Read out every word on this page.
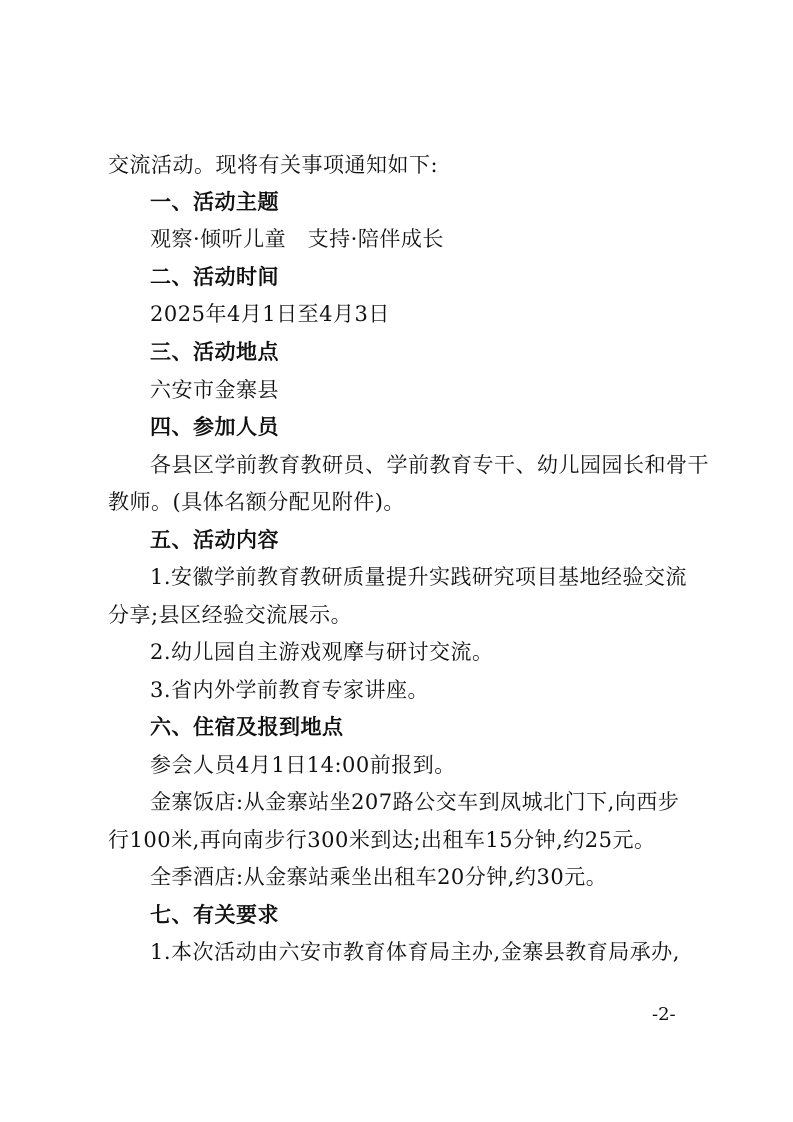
交流活动。现将有关事项通知如下:
一、活动主题
观察·倾听儿童　支持·陪伴成长
二、活动时间
2025年4月1日至4月3日
三、活动地点
六安市金寨县
四、参加人员
各县区学前教育教研员、学前教育专干、幼儿园园长和骨干
教师。(具体名额分配见附件)。
五、活动内容
1.安徽学前教育教研质量提升实践研究项目基地经验交流
分享;县区经验交流展示。
2.幼儿园自主游戏观摩与研讨交流。
3.省内外学前教育专家讲座。
六、住宿及报到地点
参会人员4月1日14:00前报到。
金寨饭店:从金寨站坐207路公交车到凤城北门下,向西步
行100米,再向南步行300米到达;出租车15分钟,约25元。
全季酒店:从金寨站乘坐出租车20分钟,约30元。
七、有关要求
1.本次活动由六安市教育体育局主办,金寨县教育局承办,
-2-
